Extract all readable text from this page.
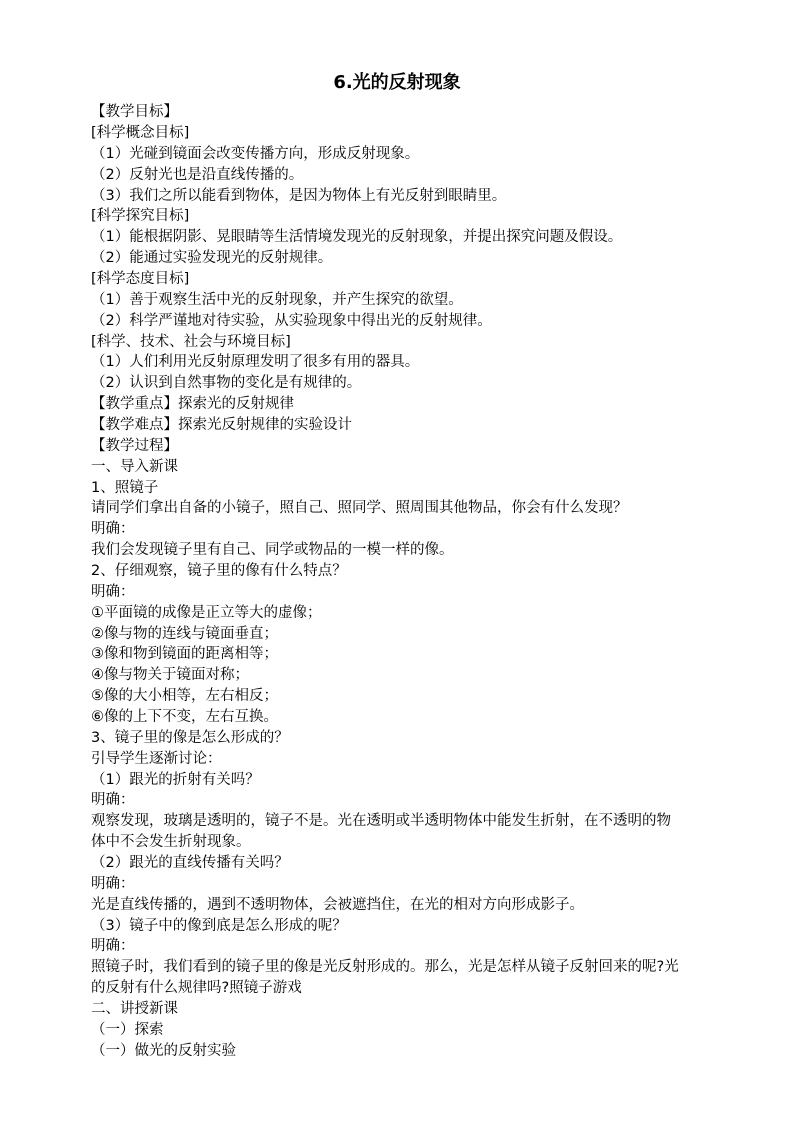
6.光的反射现象
【教学目标】
[科学概念目标]
（1）光碰到镜面会改变传播方向，形成反射现象。
（2）反射光也是沿直线传播的。
（3）我们之所以能看到物体，是因为物体上有光反射到眼睛里。
[科学探究目标]
（1）能根据阴影、晃眼睛等生活情境发现光的反射现象，并提出探究问题及假设。
（2）能通过实验发现光的反射规律。
[科学态度目标]
（1）善于观察生活中光的反射现象，并产生探究的欲望。
（2）科学严谨地对待实验，从实验现象中得出光的反射规律。
[科学、技术、社会与环境目标]
（1）人们利用光反射原理发明了很多有用的器具。
（2）认识到自然事物的变化是有规律的。
【教学重点】探索光的反射规律
【教学难点】探索光反射规律的实验设计
【教学过程】
一、导入新课
1、照镜子
请同学们拿出自备的小镜子，照自己、照同学、照周围其他物品，你会有什么发现？
明确：
我们会发现镜子里有自己、同学或物品的一模一样的像。
2、仔细观察，镜子里的像有什么特点？
明确：
①平面镜的成像是正立等大的虚像；
②像与物的连线与镜面垂直；
③像和物到镜面的距离相等；
④像与物关于镜面对称；
⑤像的大小相等，左右相反；
⑥像的上下不变，左右互换。
3、镜子里的像是怎么形成的？
引导学生逐渐讨论：
（1）跟光的折射有关吗？
明确：
观察发现，玻璃是透明的，镜子不是。光在透明或半透明物体中能发生折射，在不透明的物
体中不会发生折射现象。
（2）跟光的直线传播有关吗？
明确：
光是直线传播的，遇到不透明物体，会被遮挡住，在光的相对方向形成影子。
（3）镜子中的像到底是怎么形成的呢？
明确：
照镜子时，我们看到的镜子里的像是光反射形成的。那么，光是怎样从镜子反射回来的呢?光
的反射有什么规律吗?照镜子游戏
二、讲授新课
（一）探索
（一）做光的反射实验
